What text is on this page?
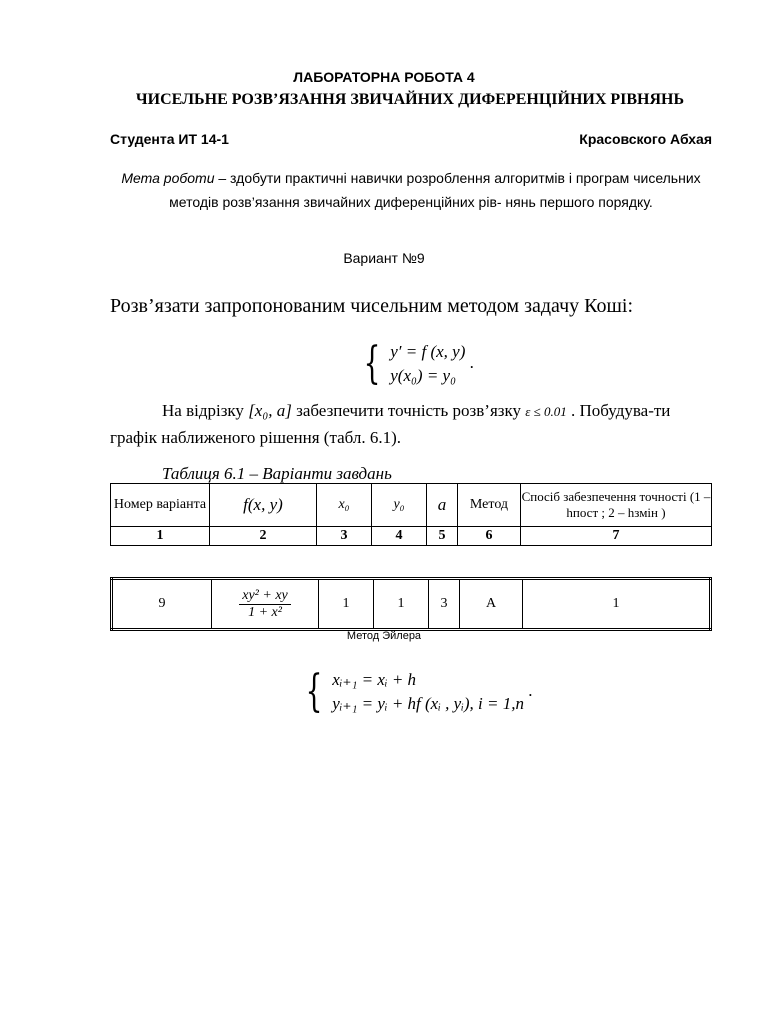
ЛАБОРАТОРНА РОБОТА 4
ЧИСЕЛЬНЕ РОЗВ’ЯЗАННЯ ЗВИЧАЙНИХ ДИФЕРЕНЦІЙНИХ РІВНЯНЬ
Студента ИТ 14-1	Красовского Абхая
Мета роботи – здобути практичні навички розроблення алгоритмів і програм чисельних методів розв’язання звичайних диференційних рів- нянь першого порядку.
Вариант №9
Розв’язати запропонованим чисельним методом задачу Коші:
{ y′ = f (x, y)
y(x₀) = y₀ .
На відрізку [x₀, a] забезпечити точність розв’язку ε ≤ 0.01 . Побудува-ти графік наближеного рішення (табл. 6.1).
Таблиця 6.1 – Варіанти завдань
Номер варіанта	f(x, y)	x₀	y₀	a	Метод	Спосіб забезпечення точності (1 – hпост ; 2 – hзмін )
1	2	3	4	5	6	7
9	$\frac{\text{xy² + xy}}{\text{1 + x²}}$	1	1	3	А	1
Метод Эйлера
{ xᵢ₊₁ = xᵢ + h
yᵢ₊₁ = yᵢ + hf (xᵢ , yᵢ), i = 1,n .
